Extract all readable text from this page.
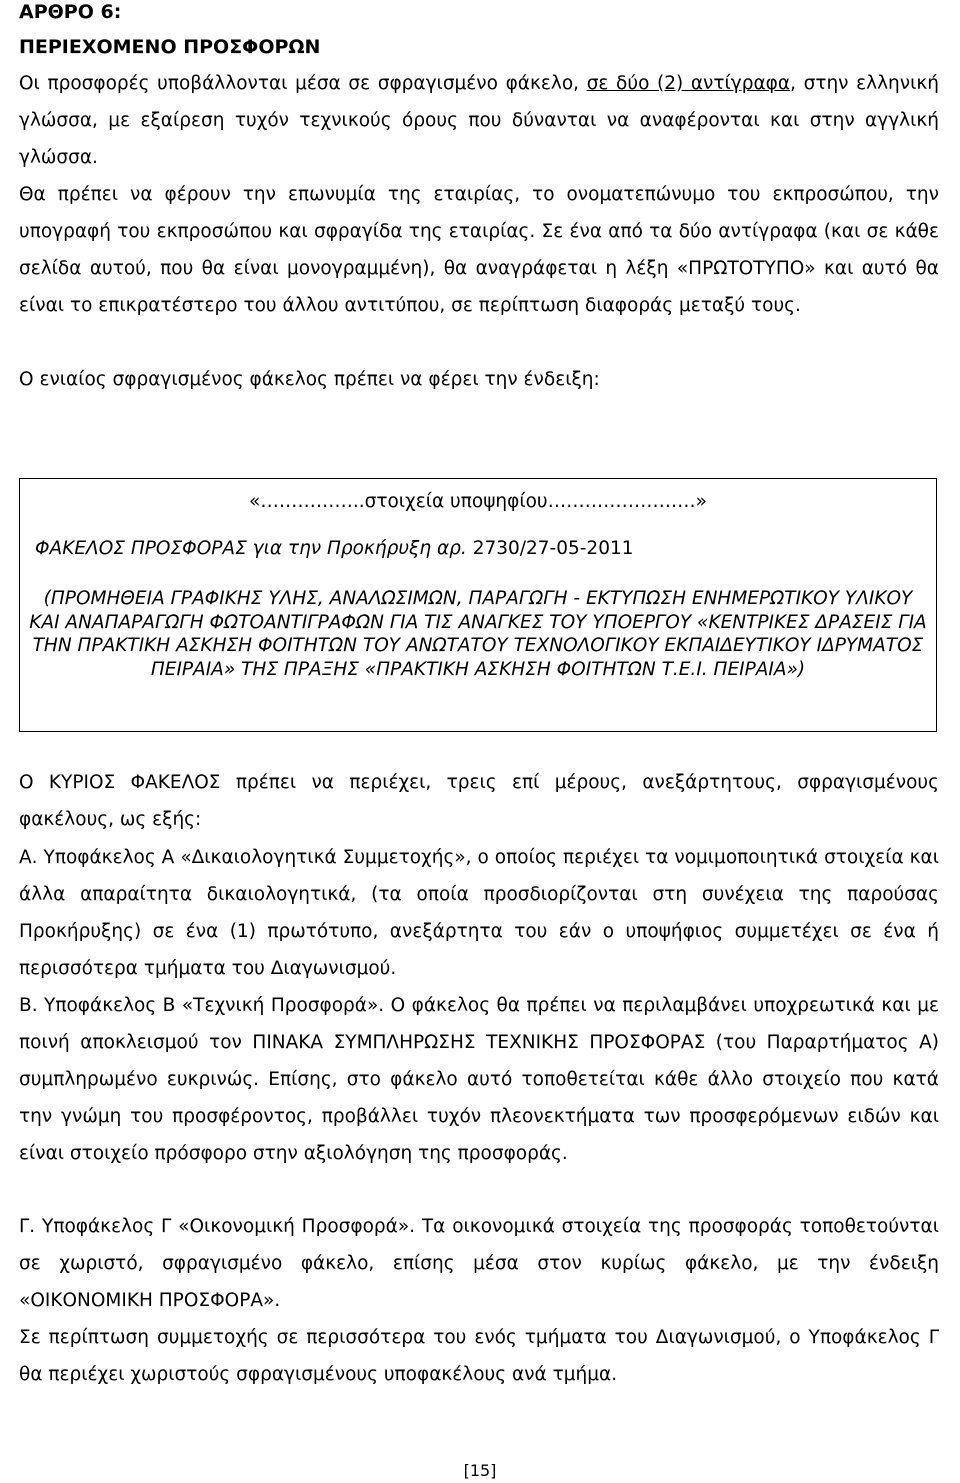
ΑΡΘΡΟ 6:
ΠΕΡΙΕΧΟΜΕΝΟ ΠΡΟΣΦΟΡΩΝ

Οι προσφορές υποβάλλονται μέσα σε σφραγισμένο φάκελο, σε δύο (2) αντίγραφα, στην ελληνική γλώσσα, με εξαίρεση τυχόν τεχνικούς όρους που δύνανται να αναφέρονται και στην αγγλική γλώσσα.

Θα πρέπει να φέρουν την επωνυμία της εταιρίας, το ονοματεπώνυμο του εκπροσώπου, την υπογραφή του εκπροσώπου και σφραγίδα της εταιρίας. Σε ένα από τα δύο αντίγραφα (και σε κάθε σελίδα αυτού, που θα είναι μονογραμμένη), θα αναγράφεται η λέξη «ΠΡΩΤΟΤΥΠΟ» και αυτό θα είναι το επικρατέστερο του άλλου αντιτύπου, σε περίπτωση διαφοράς μεταξύ τους.

Ο ενιαίος σφραγισμένος φάκελος πρέπει να φέρει την ένδειξη:

«……………..στοιχεία υποψηφίου……………………»
ΦΑΚΕΛΟΣ ΠΡΟΣΦΟΡΑΣ για την Προκήρυξη αρ. 2730/27-05-2011
(ΠΡΟΜΗΘΕΙΑ ΓΡΑΦΙΚΗΣ ΥΛΗΣ, ΑΝΑΛΩΣΙΜΩΝ, ΠΑΡΑΓΩΓΗ - ΕΚΤΥΠΩΣΗ ΕΝΗΜΕΡΩΤΙΚΟΥ ΥΛΙΚΟΥ ΚΑΙ ΑΝΑΠΑΡΑΓΩΓΗ ΦΩΤΟΑΝΤΙΓΡΑΦΩΝ ΓΙΑ ΤΙΣ ΑΝΑΓΚΕΣ ΤΟΥ ΥΠΟΕΡΓΟΥ «ΚΕΝΤΡΙΚΕΣ ΔΡΑΣΕΙΣ ΓΙΑ ΤΗΝ ΠΡΑΚΤΙΚΗ ΑΣΚΗΣΗ ΦΟΙΤΗΤΩΝ ΤΟΥ ΑΝΩΤΑΤΟΥ ΤΕΧΝΟΛΟΓΙΚΟΥ ΕΚΠΑΙΔΕΥΤΙΚΟΥ ΙΔΡΥΜΑΤΟΣ ΠΕΙΡΑΙΑ» ΤΗΣ ΠΡΑΞΗΣ «ΠΡΑΚΤΙΚΗ ΑΣΚΗΣΗ ΦΟΙΤΗΤΩΝ Τ.Ε.Ι. ΠΕΙΡΑΙΑ»)

Ο ΚΥΡΙΟΣ ΦΑΚΕΛΟΣ πρέπει να περιέχει, τρεις επί μέρους, ανεξάρτητους, σφραγισμένους φακέλους, ως εξής:

Α. Υποφάκελος Α «Δικαιολογητικά Συμμετοχής», ο οποίος περιέχει τα νομιμοποιητικά στοιχεία και άλλα απαραίτητα δικαιολογητικά, (τα οποία προσδιορίζονται στη συνέχεια της παρούσας Προκήρυξης) σε ένα (1) πρωτότυπο, ανεξάρτητα του εάν ο υποψήφιος συμμετέχει σε ένα ή περισσότερα τμήματα του Διαγωνισμού.

Β. Υποφάκελος Β «Τεχνική Προσφορά». Ο φάκελος θα πρέπει να περιλαμβάνει υποχρεωτικά και με ποινή αποκλεισμού τον ΠΙΝΑΚΑ ΣΥΜΠΛΗΡΩΣΗΣ ΤΕΧΝΙΚΗΣ ΠΡΟΣΦΟΡΑΣ (του Παραρτήματος Α) συμπληρωμένο ευκρινώς. Επίσης, στο φάκελο αυτό τοποθετείται κάθε άλλο στοιχείο που κατά την γνώμη του προσφέροντος, προβάλλει τυχόν πλεονεκτήματα των προσφερόμενων ειδών και είναι στοιχείο πρόσφορο στην αξιολόγηση της προσφοράς.

Γ. Υποφάκελος Γ «Οικονομική Προσφορά». Τα οικονομικά στοιχεία της προσφοράς τοποθετούνται σε χωριστό, σφραγισμένο φάκελο, επίσης μέσα στον κυρίως φάκελο, με την ένδειξη «ΟΙΚΟΝΟΜΙΚΗ ΠΡΟΣΦΟΡΑ».

Σε περίπτωση συμμετοχής σε περισσότερα του ενός τμήματα του Διαγωνισμού, ο Υποφάκελος Γ θα περιέχει χωριστούς σφραγισμένους υποφακέλους ανά τμήμα.

[15]
